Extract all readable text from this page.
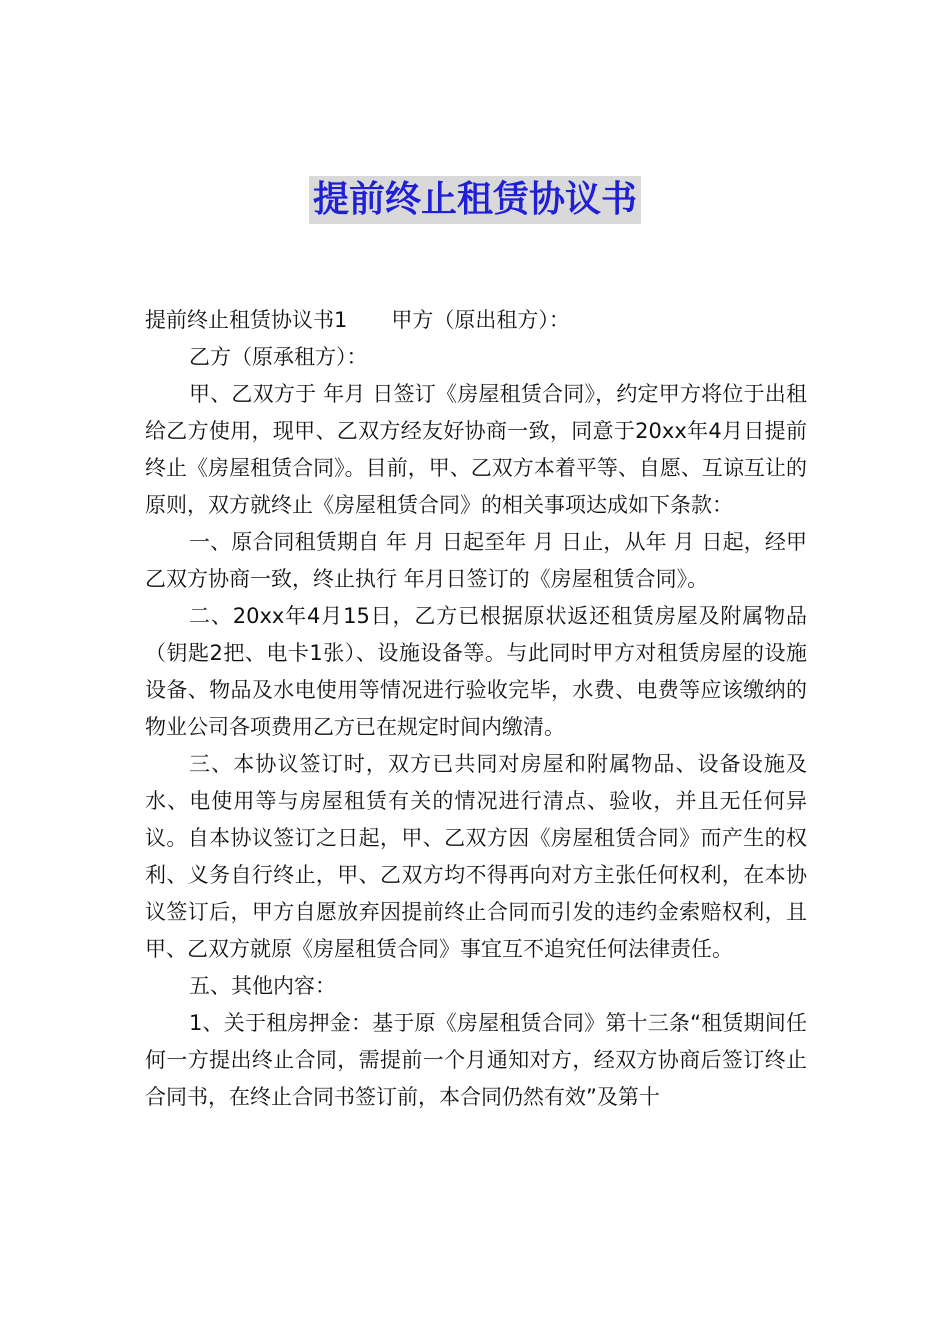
提前终止租赁协议书

提前终止租赁协议书1 甲方（原出租方）：

乙方（原承租方）：

甲、乙双方于 年月 日签订《房屋租赁合同》，约定甲方将位于出租给乙方使用，现甲、乙双方经友好协商一致，同意于20xx年4月日提前终止《房屋租赁合同》。目前，甲、乙双方本着平等、自愿、互谅互让的原则，双方就终止《房屋租赁合同》的相关事项达成如下条款：

一、原合同租赁期自 年 月 日起至年 月 日止，从年 月 日起，经甲乙双方协商一致，终止执行 年月日签订的《房屋租赁合同》。

二、20xx年4月15日，乙方已根据原状返还租赁房屋及附属物品（钥匙2把、电卡1张）、设施设备等。与此同时甲方对租赁房屋的设施设备、物品及水电使用等情况进行验收完毕，水费、电费等应该缴纳的物业公司各项费用乙方已在规定时间内缴清。

三、本协议签订时，双方已共同对房屋和附属物品、设备设施及水、电使用等与房屋租赁有关的情况进行清点、验收，并且无任何异议。自本协议签订之日起，甲、乙双方因《房屋租赁合同》而产生的权利、义务自行终止，甲、乙双方均不得再向对方主张任何权利，在本协议签订后，甲方自愿放弃因提前终止合同而引发的违约金索赔权利，且甲、乙双方就原《房屋租赁合同》事宜互不追究任何法律责任。

五、其他内容：

1、关于租房押金：基于原《房屋租赁合同》第十三条“租赁期间任何一方提出终止合同，需提前一个月通知对方，经双方协商后签订终止合同书，在终止合同书签订前，本合同仍然有效”及第十
